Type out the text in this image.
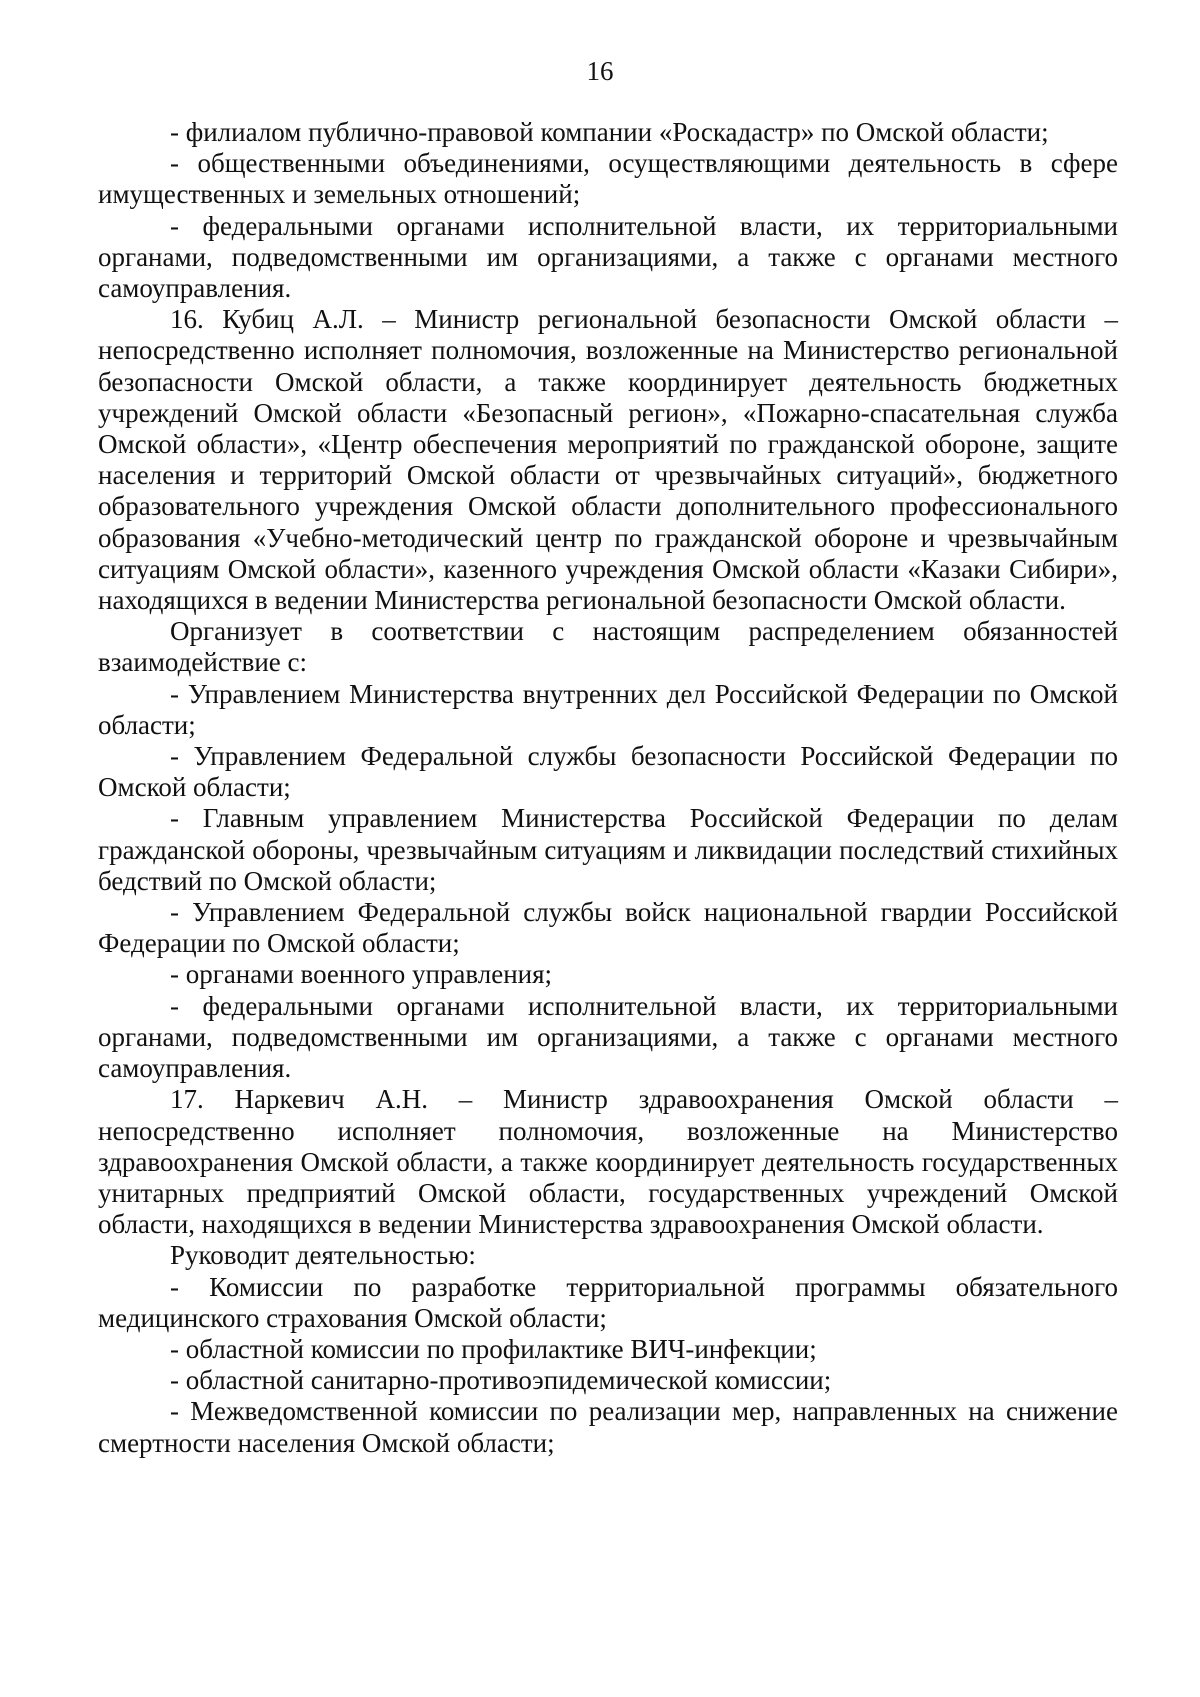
16

- филиалом публично-правовой компании «Роскадастр» по Омской области;

- общественными объединениями, осуществляющими деятельность в сфере имущественных и земельных отношений;

- федеральными органами исполнительной власти, их территориальными органами, подведомственными им организациями, а также с органами местного самоуправления.

16. Кубиц А.Л. – Министр региональной безопасности Омской области – непосредственно исполняет полномочия, возложенные на Министерство региональной безопасности Омской области, а также координирует деятельность бюджетных учреждений Омской области «Безопасный регион», «Пожарно-спасательная служба Омской области», «Центр обеспечения мероприятий по гражданской обороне, защите населения и территорий Омской области от чрезвычайных ситуаций», бюджетного образовательного учреждения Омской области дополнительного профессионального образования «Учебно-методический центр по гражданской обороне и чрезвычайным ситуациям Омской области», казенного учреждения Омской области «Казаки Сибири», находящихся в ведении Министерства региональной безопасности Омской области.

Организует в соответствии с настоящим распределением обязанностей взаимодействие с:

- Управлением Министерства внутренних дел Российской Федерации по Омской области;

- Управлением Федеральной службы безопасности Российской Федерации по Омской области;

- Главным управлением Министерства Российской Федерации по делам гражданской обороны, чрезвычайным ситуациям и ликвидации последствий стихийных бедствий по Омской области;

- Управлением Федеральной службы войск национальной гвардии Российской Федерации по Омской области;

- органами военного управления;

- федеральными органами исполнительной власти, их территориальными органами, подведомственными им организациями, а также с органами местного самоуправления.

17. Наркевич А.Н. – Министр здравоохранения Омской области – непосредственно исполняет полномочия, возложенные на Министерство здравоохранения Омской области, а также координирует деятельность государственных унитарных предприятий Омской области, государственных учреждений Омской области, находящихся в ведении Министерства здравоохранения Омской области.

Руководит деятельностью:

- Комиссии по разработке территориальной программы обязательного медицинского страхования Омской области;

- областной комиссии по профилактике ВИЧ-инфекции;

- областной санитарно-противоэпидемической комиссии;

- Межведомственной комиссии по реализации мер, направленных на снижение смертности населения Омской области;
